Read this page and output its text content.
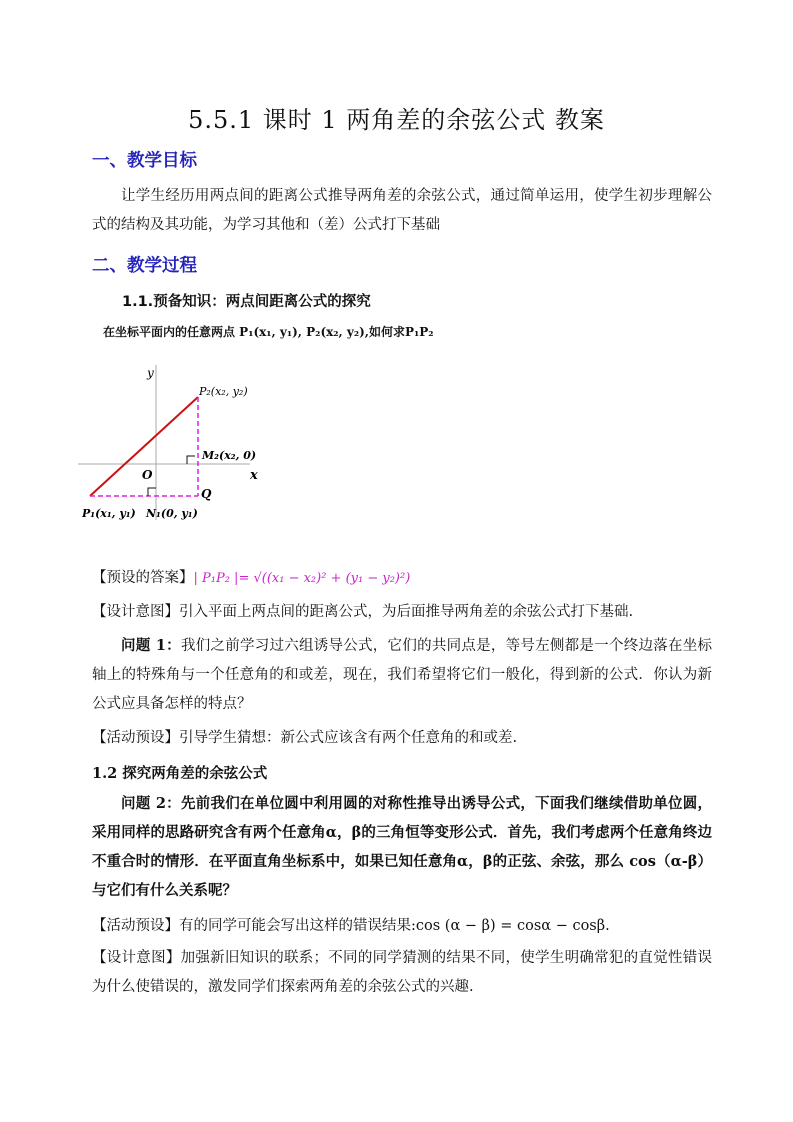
5.5.1 课时 1 两角差的余弦公式 教案
一、教学目标
让学生经历用两点间的距离公式推导两角差的余弦公式，通过简单运用，使学生初步理解公式的结构及其功能，为学习其他和（差）公式打下基础
二、教学过程
1.1.预备知识：两点间距离公式的探究
在坐标平面内的任意两点 P₁(x₁, y₁), P₂(x₂, y₂),如何求P₁P₂
y
x
O
P₂(x₂, y₂)
M₂(x₂, 0)
Q
P₁(x₁, y₁) N₁(0, y₁)
【预设的答案】| P₁P₂ |= √((x₁ − x₂)² + (y₁ − y₂)²)
【设计意图】引入平面上两点间的距离公式，为后面推导两角差的余弦公式打下基础.
问题 1：我们之前学习过六组诱导公式，它们的共同点是，等号左侧都是一个终边落在坐标轴上的特殊角与一个任意角的和或差，现在，我们希望将它们一般化，得到新的公式．你认为新公式应具备怎样的特点？
【活动预设】引导学生猜想：新公式应该含有两个任意角的和或差.
1.2 探究两角差的余弦公式
问题 2：先前我们在单位圆中利用圆的对称性推导出诱导公式，下面我们继续借助单位圆，采用同样的思路研究含有两个任意角α，β的三角恒等变形公式．首先，我们考虑两个任意角终边不重合时的情形．在平面直角坐标系中，如果已知任意角α，β的正弦、余弦，那么 cos（α-β）与它们有什么关系呢？
【活动预设】有的同学可能会写出这样的错误结果:cos (α − β) = cosα − cosβ.
【设计意图】加强新旧知识的联系；不同的同学猜测的结果不同，使学生明确常犯的直觉性错误为什么使错误的，激发同学们探索两角差的余弦公式的兴趣.
